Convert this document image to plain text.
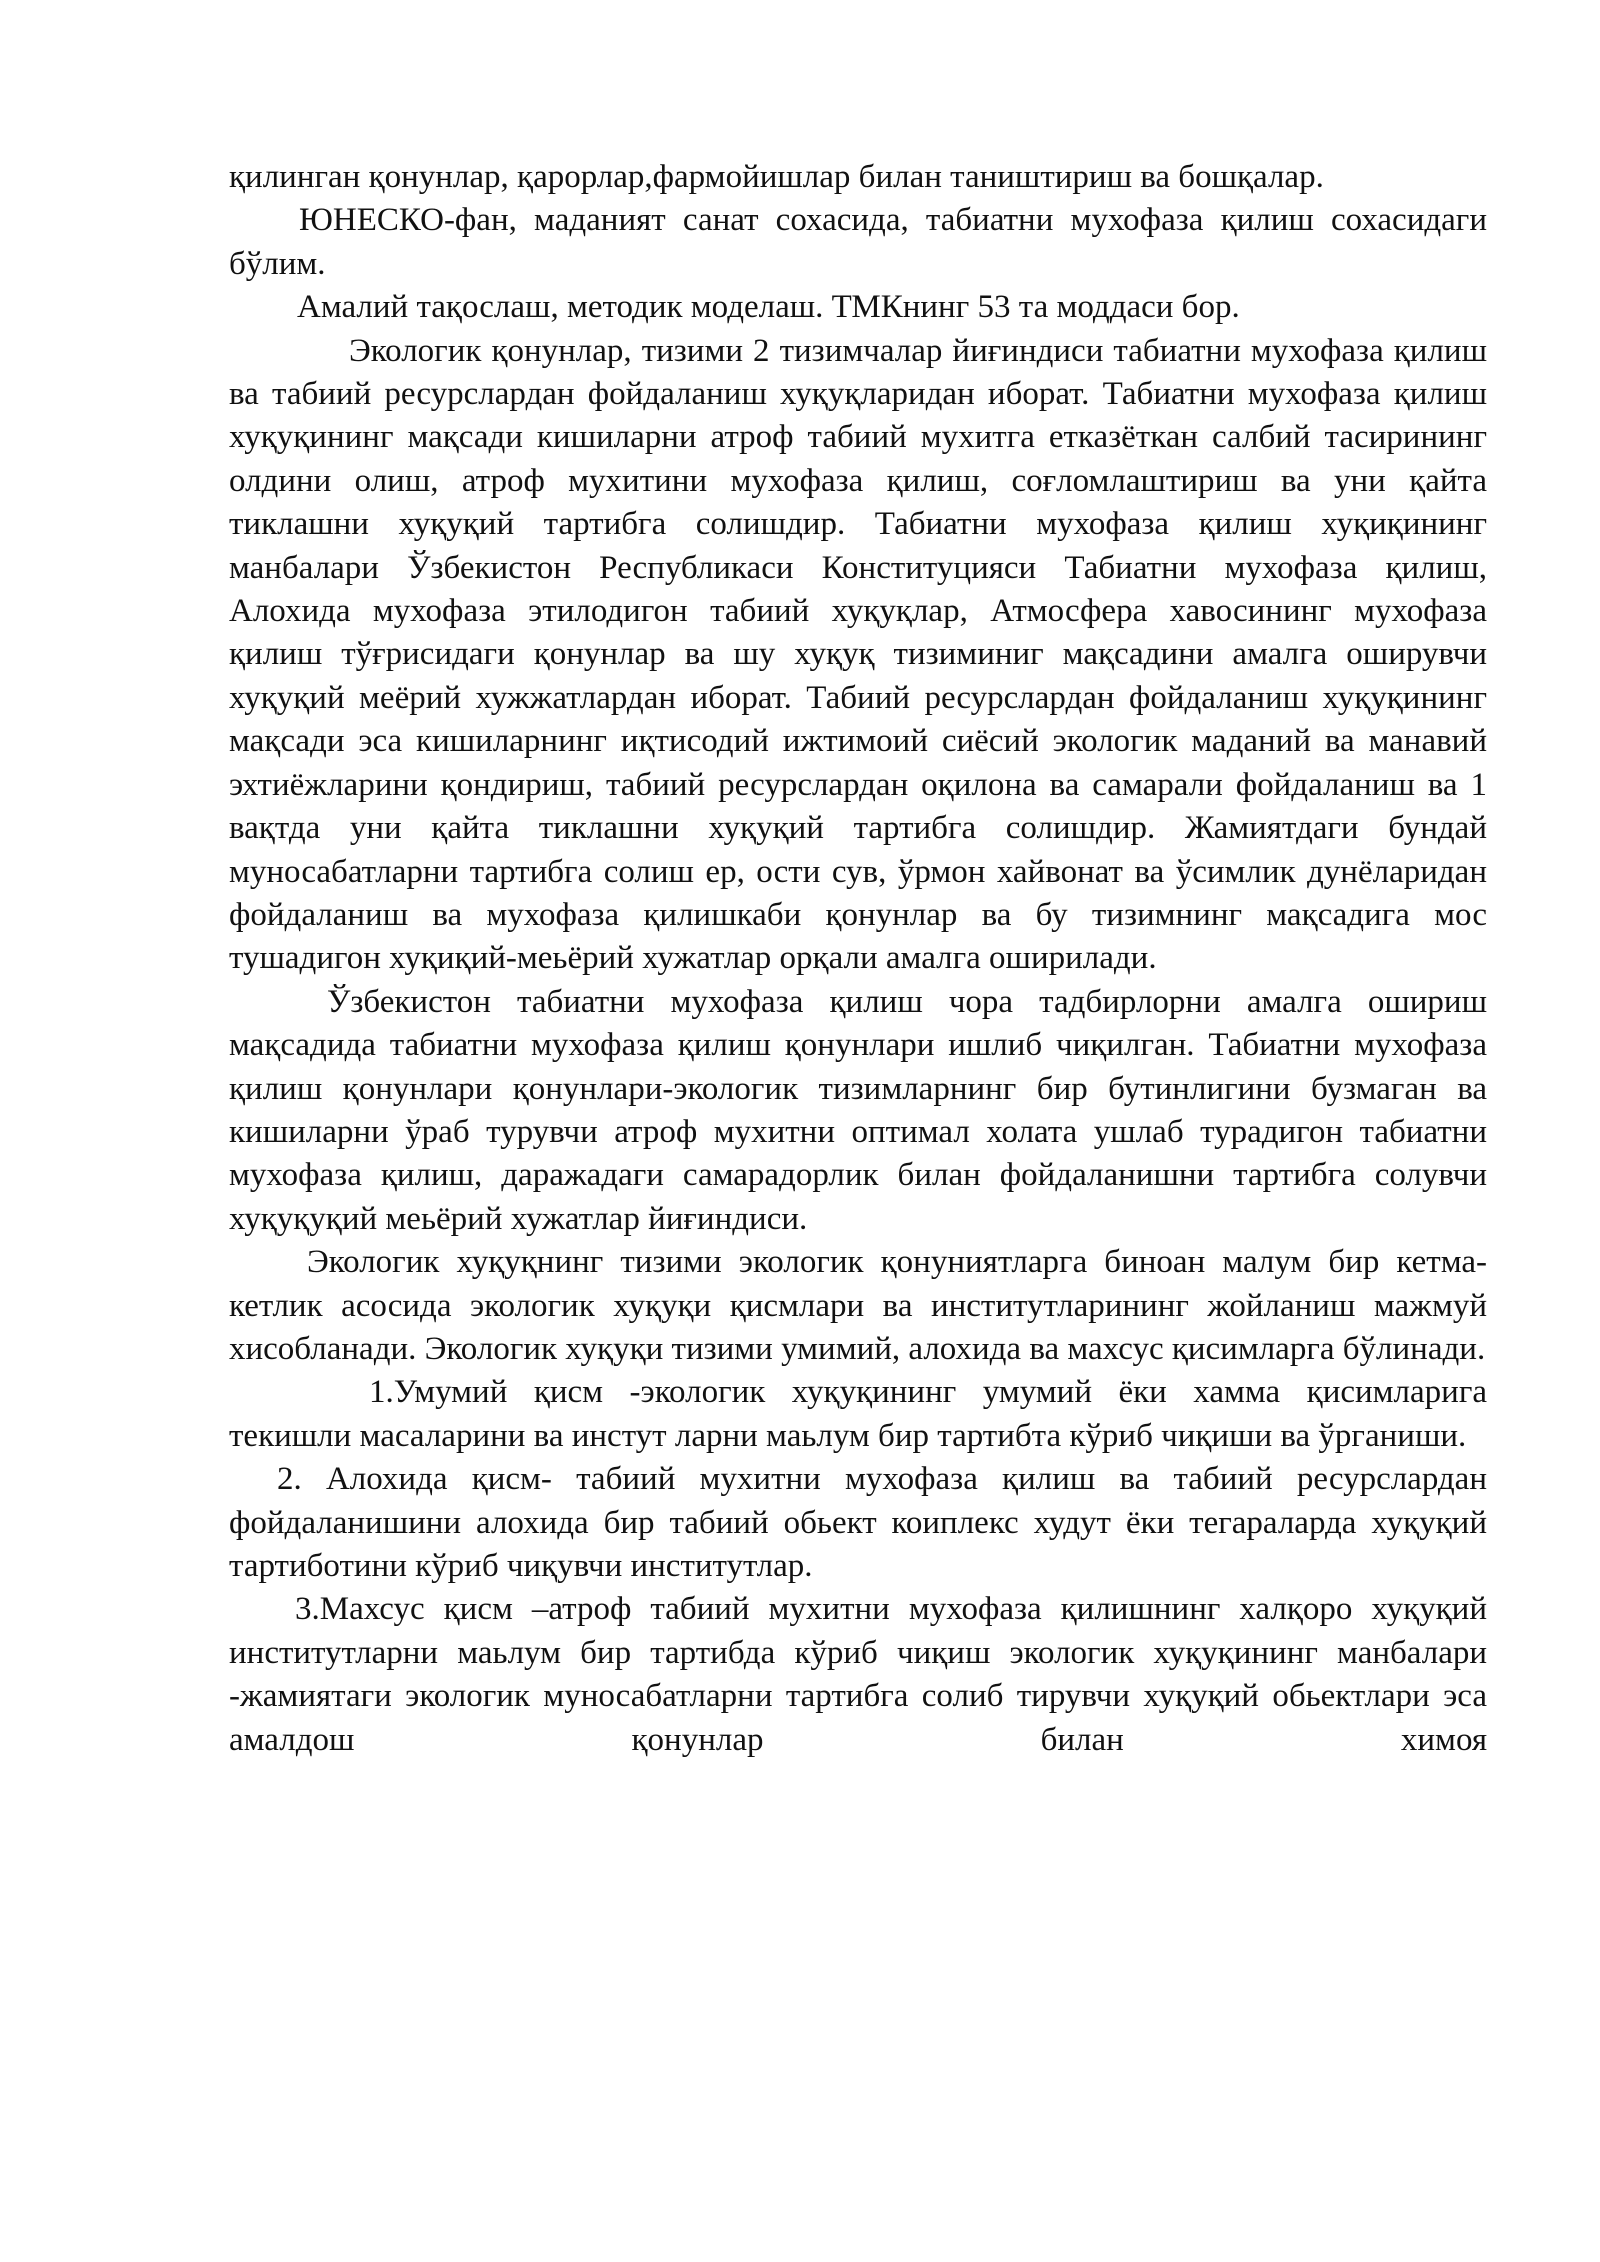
қилинган қонунлар, қарорлар,фармойишлар билан таништириш ва бошқалар.

ЮНЕСКО-фан, маданият санат сохасида, табиатни мухофаза қилиш сохасидаги бўлим.

Амалий тақослаш, методик моделаш. ТМКнинг 53 та моддаси бор.

Экологик қонунлар, тизими 2 тизимчалар йиғиндиси табиатни мухофаза қилиш ва табиий ресурслардан фойдаланиш хуқуқларидан иборат. Табиатни мухофаза қилиш хуқуқининг мақсади кишиларни атроф табиий мухитга етказёткан салбий тасирининг олдини олиш, атроф мухитини мухофаза қилиш, соғломлаштириш ва уни қайта тиклашни хуқуқий тартибга солишдир. Табиатни мухофаза қилиш хуқиқининг манбалари Ўзбекистон Республикаси Конституцияси Табиатни мухофаза қилиш, Алохида мухофаза этилодигон табиий хуқуқлар, Атмосфера хавосининг мухофаза қилиш тўғрисидаги қонунлар ва шу хуқуқ тизиминиг мақсадини амалга оширувчи хуқуқий меёрий хужжатлардан иборат. Табиий ресурслардан фойдаланиш хуқуқининг мақсади эса кишиларнинг иқтисодий ижтимоий сиёсий экологик маданий ва манавий эхтиёжларини қондириш, табиий ресурслардан оқилона ва самарали фойдаланиш ва 1 вақтда уни қайта тиклашни хуқуқий тартибга солишдир. Жамиятдаги бундай муносабатларни тартибга солиш ер, ости сув, ўрмон хайвонат ва ўсимлик дунёларидан фойдаланиш ва мухофаза қилишкаби қонунлар ва бу тизимнинг мақсадига мос тушадигон хуқиқий-меьёрий хужатлар орқали амалга оширилади.

Ўзбекистон табиатни мухофаза қилиш чора тадбирлорни амалга ошириш мақсадида табиатни мухофаза қилиш қонунлари ишлиб чиқилган. Табиатни мухофаза қилиш қонунлари қонунлари-экологик тизимларнинг бир бутинлигини бузмаган ва кишиларни ўраб турувчи атроф мухитни оптимал холата ушлаб турадигон табиатни мухофаза қилиш, даражадаги самарадорлик билан фойдаланишни тартибга солувчи хуқуқуқий меьёрий хужатлар йиғиндиси.

Экологик хуқуқнинг тизими экологик қонуниятларга биноан малум бир кетма-кетлик асосида экологик хуқуқи қисмлари ва институтларининг жойланиш мажмуй хисобланади. Экологик хуқуқи тизими умимий, алохида ва махсус қисимларга бўлинади.

1.Умумий қисм -экологик хуқуқининг умумий ёки хамма қисимларига текишли масаларини ва инстут ларни маьлум бир тартибта кўриб чиқиши ва ўрганиши.

2. Алохида қисм- табиий мухитни мухофаза қилиш ва табиий ресурслардан фойдаланишини алохида бир табиий обьект коиплекс худут ёки тегараларда хуқуқий тартиботини кўриб чиқувчи институтлар.

3.Махсус қисм –атроф табиий мухитни мухофаза қилишнинг халқоро хуқуқий институтларни маьлум бир тартибда кўриб чиқиш экологик хуқуқининг манбалари -жамиятаги экологик муносабатларни тартибга солиб тирувчи хуқуқий обьектлари эса амалдош қонунлар билан химоя
